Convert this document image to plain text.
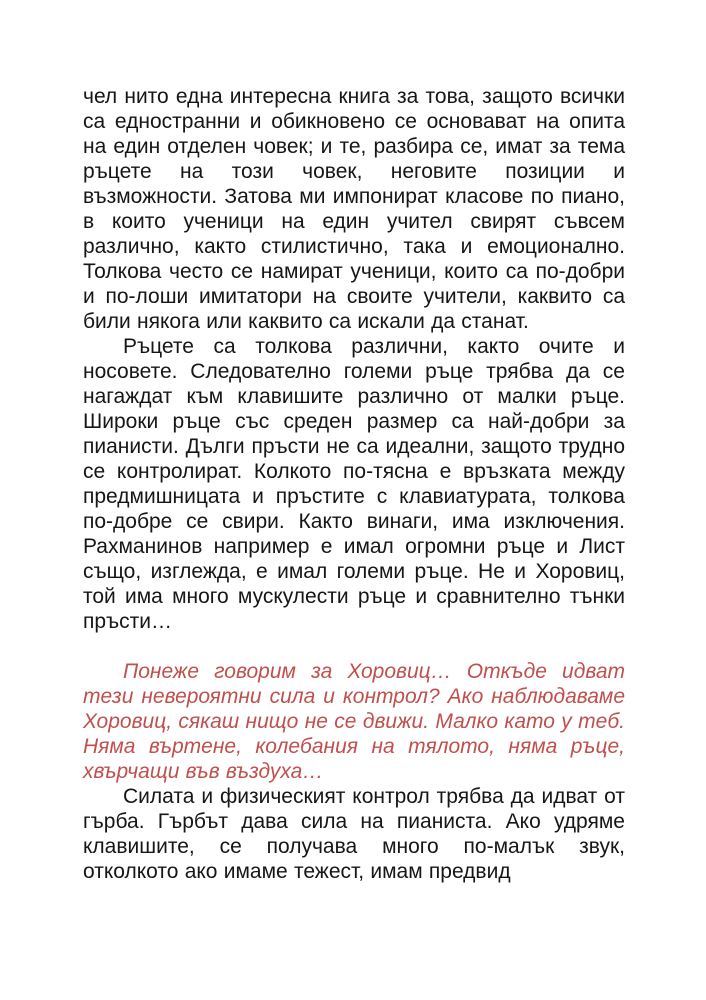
чел нито една интересна книга за това, защото всички са едностранни и обикновено се основават на опита на един отделен човек; и те, разбира се, имат за тема ръцете на този човек, неговите позиции и възможности. Затова ми импонират класове по пиано, в които ученици на един учител свирят съвсем различно, както стилистично, така и емоционално. Толкова често се намират ученици, които са по-добри и по-лоши имитатори на своите учители, каквито са били някога или каквито са искали да станат.

Ръцете са толкова различни, както очите и носовете. Следователно големи ръце трябва да се нагаждат към клавишите различно от малки ръце. Широки ръце със среден размер са най-добри за пианисти. Дълги пръсти не са идеални, защото трудно се контролират. Колкото по-тясна е връзката между предмишницата и пръстите с клавиатурата, толкова по-добре се свири. Както винаги, има изключения. Рахманинов например е имал огромни ръце и Лист също, изглежда, е имал големи ръце. Не и Хоровиц, той има много мускулести ръце и сравнително тънки пръсти…

Понеже говорим за Хоровиц… Откъде идват тези невероятни сила и контрол? Ако наблюдаваме Хоровиц, сякаш нищо не се движи. Малко като у теб. Няма въртене, колебания на тялото, няма ръце, хвърчащи във въздуха…

Силата и физическият контрол трябва да идват от гърба. Гърбът дава сила на пианиста. Ако удряме клавишите, се получава много по-малък звук, отколкото ако имаме тежест, имам предвид
